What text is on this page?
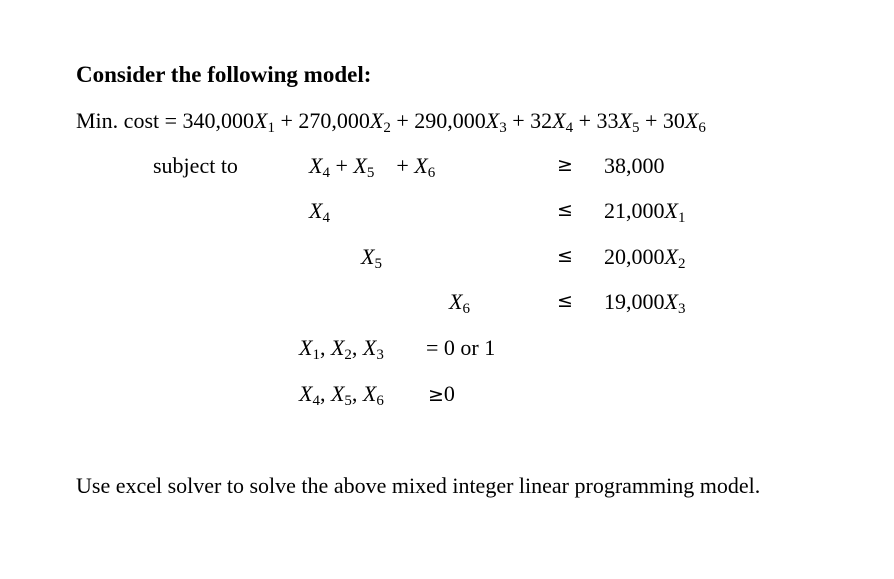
Consider the following model:
Min. $\cos t = 340,000X_1 + 270,000X_2 + 290,000X_3 + 32X_4 + 33X_5 + 30X_6$
subject to	$X_4 + X_5$    + $X_6$	≥ 38,000
$X_4$	≤ $21,000X_1$
$X_5$	≤ $20,000X_2$
$X_6$	≤ $19,000X_3$
$X_1$, $X_2$, $X_3 = 0$ or 1
$X_4$, $X_5$, $X_6 \ge 0$
Use excel solver to solve the above mixed integer linear programming model.
